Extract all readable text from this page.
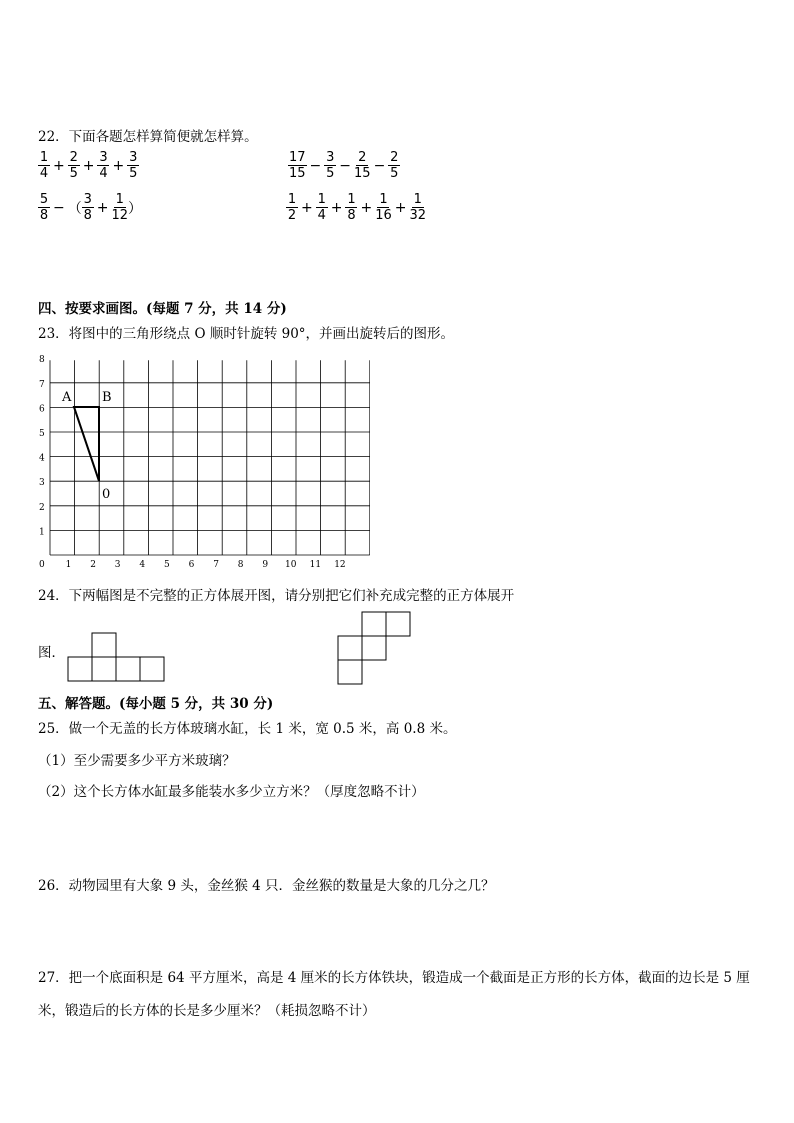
22．下面各题怎样算简便就怎样算。
$\frac{1}{4} + \frac{2}{5} + \frac{3}{4} + \frac{3}{5}$
$\frac{5}{8}$ − （ $\frac{3}{8} + \frac{1}{12}$ ）
$\frac{17}{15} - \frac{3}{5} - \frac{2}{15} - \frac{2}{5}$
$\frac{1}{2} + \frac{1}{4} + \frac{1}{8} + \frac{1}{16} + \frac{1}{32}$
四、按要求画图。(每题 7 分，共 14 分)
23．将图中的三角形绕点 O 顺时针旋转 90°，并画出旋转后的图形。
A B
0
1
2
3
4
5
6
7
8
0 1 2 3 4 5 6 7 8 9 10 11 12
24．下两幅图是不完整的正方体展开图，请分别把它们补充成完整的正方体展开
图．
五、解答题。(每小题 5 分，共 30 分)
25．做一个无盖的长方体玻璃水缸，长 1 米，宽 0.5 米，高 0.8 米。
（1）至少需要多少平方米玻璃？
（2）这个长方体水缸最多能装水多少立方米？（厚度忽略不计）
26．动物园里有大象 9 头，金丝猴 4 只．金丝猴的数量是大象的几分之几？
27．把一个底面积是 64 平方厘米，高是 4 厘米的长方体铁块，锻造成一个截面是正方形的长方体，截面的边长是 5 厘
米，锻造后的长方体的长是多少厘米？（耗损忽略不计）
